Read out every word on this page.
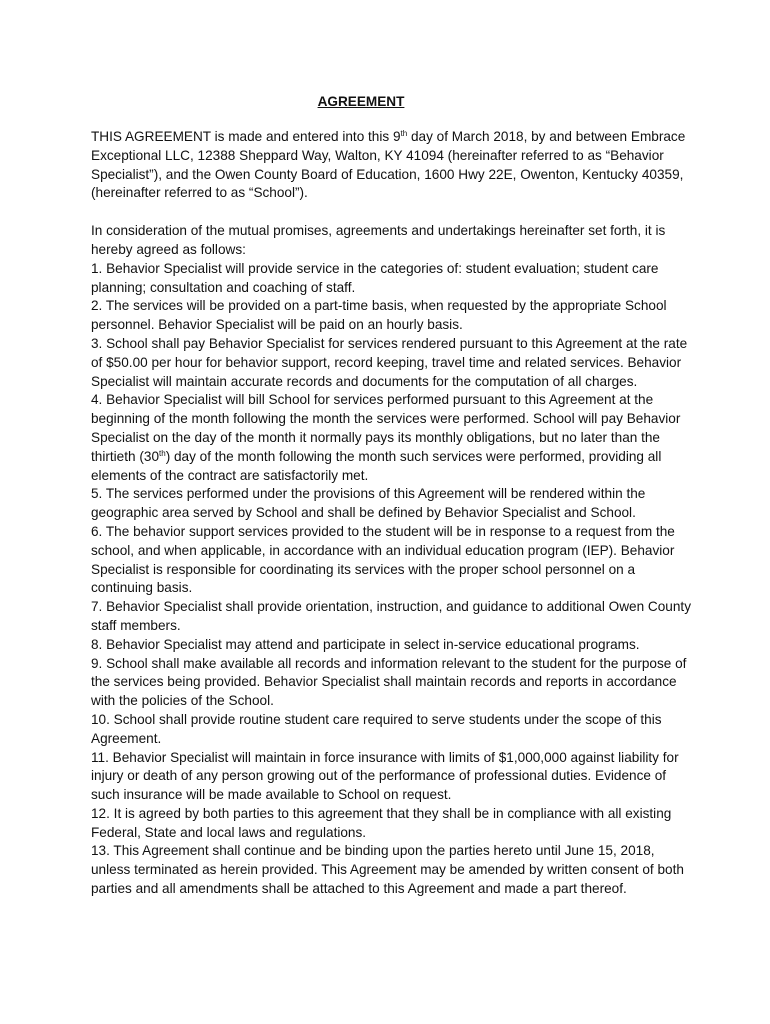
AGREEMENT

THIS AGREEMENT is made and entered into this 9th day of March 2018, by and between Embrace Exceptional LLC, 12388 Sheppard Way, Walton, KY 41094 (hereinafter referred to as “Behavior Specialist”), and the Owen County Board of Education, 1600 Hwy 22E, Owenton, Kentucky 40359, (hereinafter referred to as “School”).

In consideration of the mutual promises, agreements and undertakings hereinafter set forth, it is hereby agreed as follows:

1. Behavior Specialist will provide service in the categories of: student evaluation; student care planning; consultation and coaching of staff.

2. The services will be provided on a part-time basis, when requested by the appropriate School personnel. Behavior Specialist will be paid on an hourly basis.

3. School shall pay Behavior Specialist for services rendered pursuant to this Agreement at the rate of $50.00 per hour for behavior support, record keeping, travel time and related services. Behavior Specialist will maintain accurate records and documents for the computation of all charges.

4. Behavior Specialist will bill School for services performed pursuant to this Agreement at the beginning of the month following the month the services were performed. School will pay Behavior Specialist on the day of the month it normally pays its monthly obligations, but no later than the thirtieth (30th) day of the month following the month such services were performed, providing all elements of the contract are satisfactorily met.

5. The services performed under the provisions of this Agreement will be rendered within the geographic area served by School and shall be defined by Behavior Specialist and School.

6. The behavior support services provided to the student will be in response to a request from the school, and when applicable, in accordance with an individual education program (IEP). Behavior Specialist is responsible for coordinating its services with the proper school personnel on a continuing basis.

7. Behavior Specialist shall provide orientation, instruction, and guidance to additional Owen County staff members.

8. Behavior Specialist may attend and participate in select in-service educational programs.

9. School shall make available all records and information relevant to the student for the purpose of the services being provided. Behavior Specialist shall maintain records and reports in accordance with the policies of the School.

10. School shall provide routine student care required to serve students under the scope of this Agreement.

11. Behavior Specialist will maintain in force insurance with limits of $1,000,000 against liability for injury or death of any person growing out of the performance of professional duties. Evidence of such insurance will be made available to School on request.

12. It is agreed by both parties to this agreement that they shall be in compliance with all existing Federal, State and local laws and regulations.

13. This Agreement shall continue and be binding upon the parties hereto until June 15, 2018, unless terminated as herein provided. This Agreement may be amended by written consent of both parties and all amendments shall be attached to this Agreement and made a part thereof.
